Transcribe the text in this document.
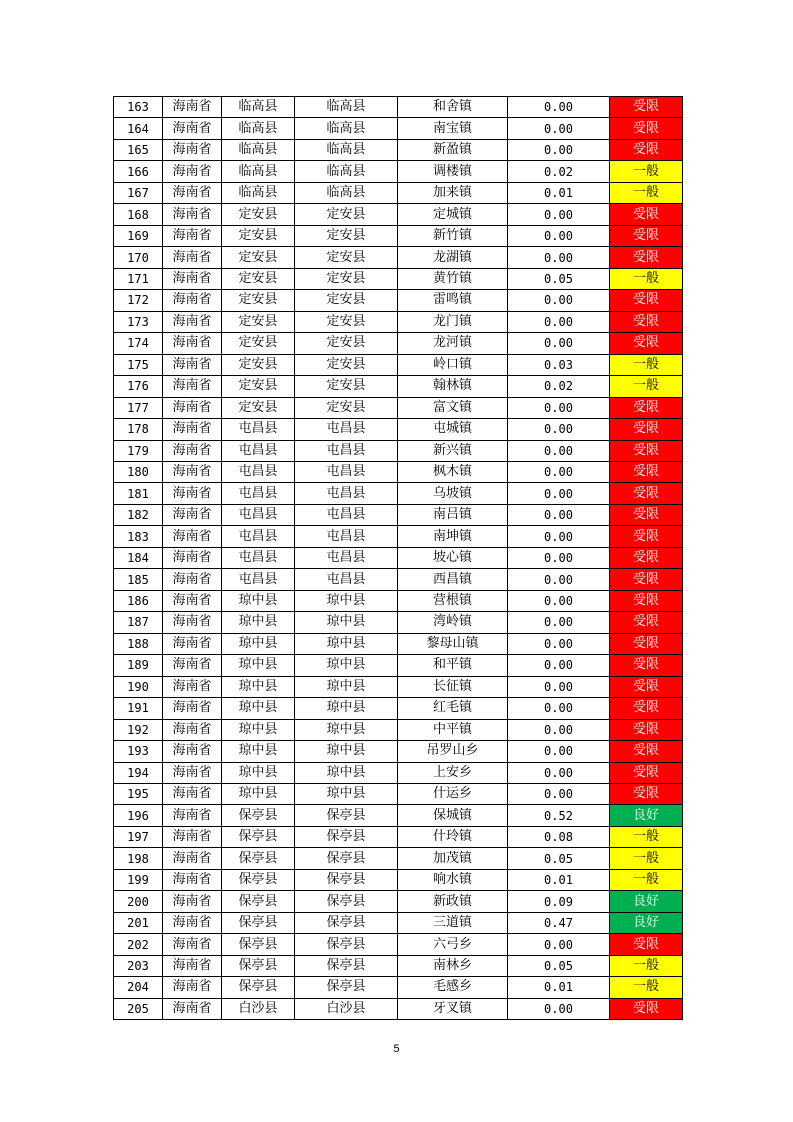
163	海南省	临高县	临高县	和舍镇	0.00	受限
164	海南省	临高县	临高县	南宝镇	0.00	受限
165	海南省	临高县	临高县	新盈镇	0.00	受限
166	海南省	临高县	临高县	调楼镇	0.02	一般
167	海南省	临高县	临高县	加来镇	0.01	一般
168	海南省	定安县	定安县	定城镇	0.00	受限
169	海南省	定安县	定安县	新竹镇	0.00	受限
170	海南省	定安县	定安县	龙湖镇	0.00	受限
171	海南省	定安县	定安县	黄竹镇	0.05	一般
172	海南省	定安县	定安县	雷鸣镇	0.00	受限
173	海南省	定安县	定安县	龙门镇	0.00	受限
174	海南省	定安县	定安县	龙河镇	0.00	受限
175	海南省	定安县	定安县	岭口镇	0.03	一般
176	海南省	定安县	定安县	翰林镇	0.02	一般
177	海南省	定安县	定安县	富文镇	0.00	受限
178	海南省	屯昌县	屯昌县	屯城镇	0.00	受限
179	海南省	屯昌县	屯昌县	新兴镇	0.00	受限
180	海南省	屯昌县	屯昌县	枫木镇	0.00	受限
181	海南省	屯昌县	屯昌县	乌坡镇	0.00	受限
182	海南省	屯昌县	屯昌县	南吕镇	0.00	受限
183	海南省	屯昌县	屯昌县	南坤镇	0.00	受限
184	海南省	屯昌县	屯昌县	坡心镇	0.00	受限
185	海南省	屯昌县	屯昌县	西昌镇	0.00	受限
186	海南省	琼中县	琼中县	营根镇	0.00	受限
187	海南省	琼中县	琼中县	湾岭镇	0.00	受限
188	海南省	琼中县	琼中县	黎母山镇	0.00	受限
189	海南省	琼中县	琼中县	和平镇	0.00	受限
190	海南省	琼中县	琼中县	长征镇	0.00	受限
191	海南省	琼中县	琼中县	红毛镇	0.00	受限
192	海南省	琼中县	琼中县	中平镇	0.00	受限
193	海南省	琼中县	琼中县	吊罗山乡	0.00	受限
194	海南省	琼中县	琼中县	上安乡	0.00	受限
195	海南省	琼中县	琼中县	什运乡	0.00	受限
196	海南省	保亭县	保亭县	保城镇	0.52	良好
197	海南省	保亭县	保亭县	什玲镇	0.08	一般
198	海南省	保亭县	保亭县	加茂镇	0.05	一般
199	海南省	保亭县	保亭县	响水镇	0.01	一般
200	海南省	保亭县	保亭县	新政镇	0.09	良好
201	海南省	保亭县	保亭县	三道镇	0.47	良好
202	海南省	保亭县	保亭县	六弓乡	0.00	受限
203	海南省	保亭县	保亭县	南林乡	0.05	一般
204	海南省	保亭县	保亭县	毛感乡	0.01	一般
205	海南省	白沙县	白沙县	牙叉镇	0.00	受限
5
